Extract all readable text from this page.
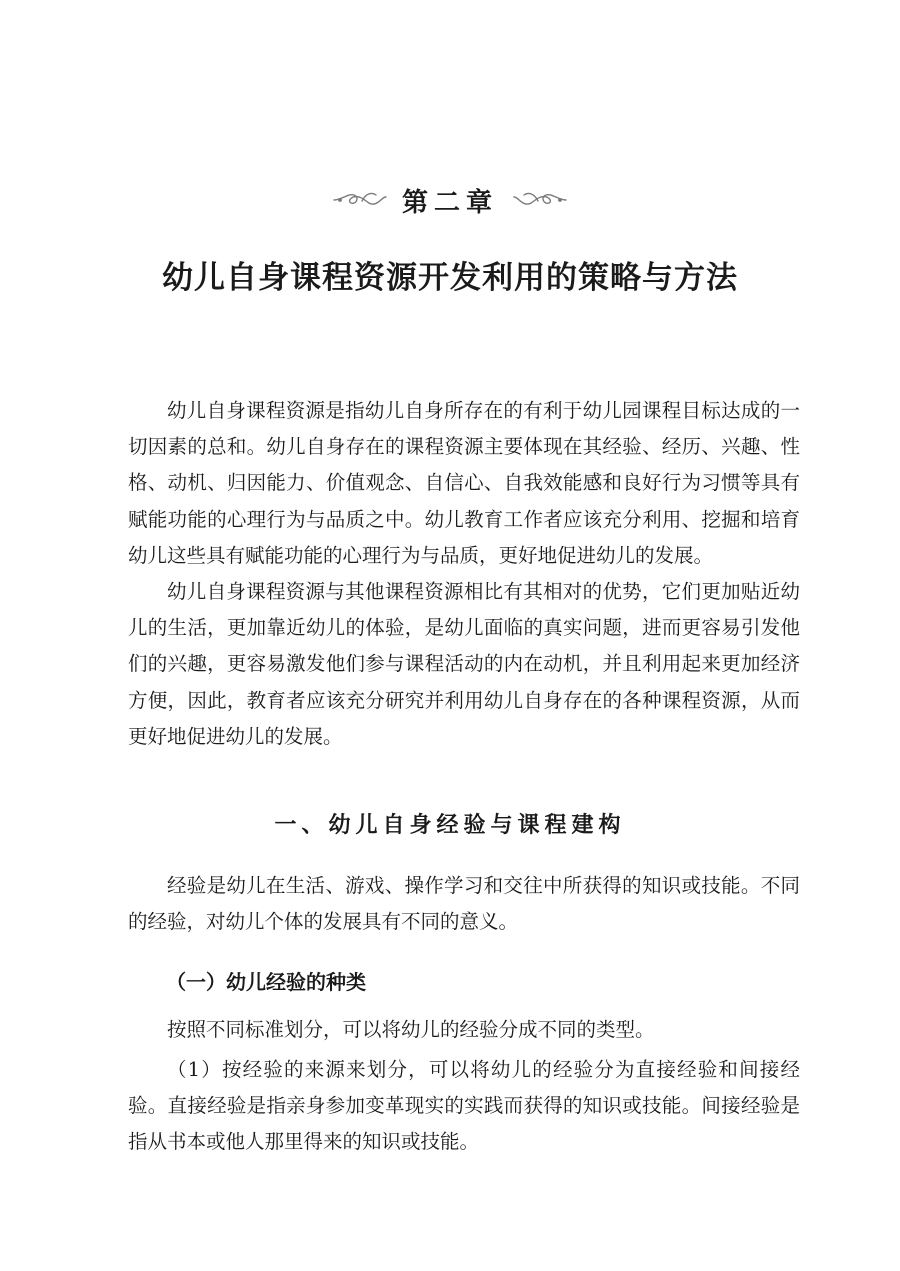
第二章
幼儿自身课程资源开发利用的策略与方法

幼儿自身课程资源是指幼儿自身所存在的有利于幼儿园课程目标达成的一切因素的总和。幼儿自身存在的课程资源主要体现在其经验、经历、兴趣、性格、动机、归因能力、价值观念、自信心、自我效能感和良好行为习惯等具有赋能功能的心理行为与品质之中。幼儿教育工作者应该充分利用、挖掘和培育幼儿这些具有赋能功能的心理行为与品质，更好地促进幼儿的发展。

幼儿自身课程资源与其他课程资源相比有其相对的优势，它们更加贴近幼儿的生活，更加靠近幼儿的体验，是幼儿面临的真实问题，进而更容易引发他们的兴趣，更容易激发他们参与课程活动的内在动机，并且利用起来更加经济方便，因此，教育者应该充分研究并利用幼儿自身存在的各种课程资源，从而更好地促进幼儿的发展。

一、幼儿自身经验与课程建构

经验是幼儿在生活、游戏、操作学习和交往中所获得的知识或技能。不同的经验，对幼儿个体的发展具有不同的意义。

（一）幼儿经验的种类

按照不同标准划分，可以将幼儿的经验分成不同的类型。

（1）按经验的来源来划分，可以将幼儿的经验分为直接经验和间接经验。直接经验是指亲身参加变革现实的实践而获得的知识或技能。间接经验是指从书本或他人那里得来的知识或技能。
